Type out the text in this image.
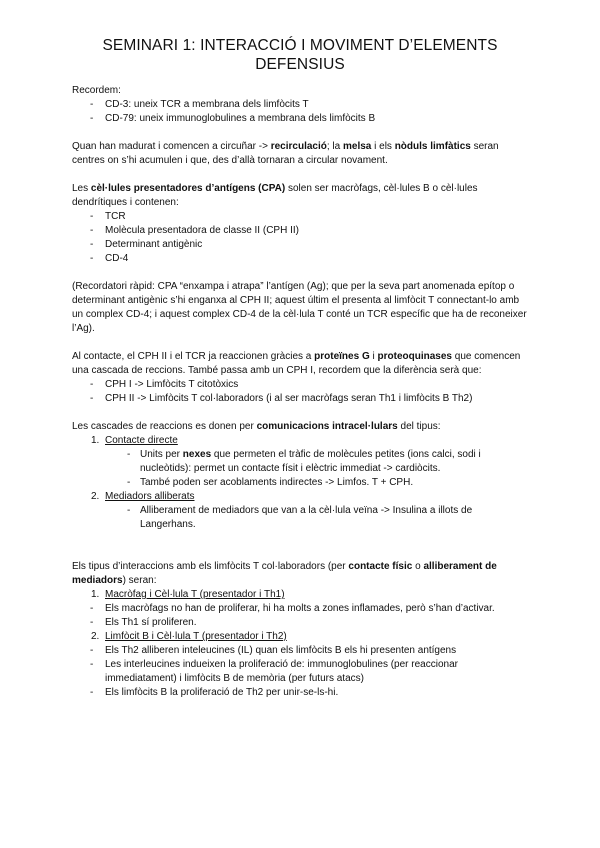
SEMINARI 1: INTERACCIÓ I MOVIMENT D’ELEMENTS
DEFENSIUS

Recordem:

- CD-3: uneix TCR a membrana dels limfòcits T
- CD-79: uneix immunoglobulines a membrana dels limfòcits B

Quan han madurat i comencen a circuñar -> recirculació; la melsa i els nòduls limfàtics seran centres on s’hi acumulen i que, des d’allà tornaran a circular novament.

Les cèl·lules presentadores d’antígens (CPA) solen ser macròfags, cèl·lules B o cèl·lules dendrítiques i contenen:

- TCR
- Molècula presentadora de classe II (CPH II)
- Determinant antigènic
- CD-4

(Recordatori ràpid: CPA “enxampa i atrapa” l’antígen (Ag); que per la seva part anomenada epítop o determinant antigènic s’hi enganxa al CPH II; aquest últim el presenta al limfòcit T connectant-lo amb un complex CD-4; i aquest complex CD-4 de la cèl·lula T conté un TCR específic que ha de reconeixer l’Ag).

Al contacte, el CPH II i el TCR ja reaccionen gràcies a proteïnes G i proteoquinases que comencen una cascada de reccions. També passa amb un CPH I, recordem que la diferència serà que:

- CPH I -> Limfòcits T citotòxics
- CPH II -> Limfòcits T col·laboradors (i al ser macròfags seran Th1 i limfòcits B Th2)

Les cascades de reaccions es donen per comunicacions intracel·lulars del tipus:

1. Contacte directe
- Units per nexes que permeten el tràfic de molècules petites (ions calci, sodi i nucleòtids): permet un contacte físit i elèctric immediat -> cardiòcits.
- També poden ser acoblaments indirectes -> Limfos. T + CPH.
2. Mediadors alliberats
- Alliberament de mediadors que van a la cèl·lula veïna -> Insulina a illots de Langerhans.

Els tipus d’interaccions amb els limfòcits T col·laboradors (per contacte físic o alliberament de mediadors) seran:

1. Macròfag i Cèl·lula T (presentador i Th1)
- Els macròfags no han de proliferar, hi ha molts a zones inflamades, però s’han d’activar.
- Els Th1 sí proliferen.
2. Limfòcit B i Cèl·lula T (presentador i Th2)
- Els Th2 alliberen inteleucines (IL) quan els limfòcits B els hi presenten antígens
- Les interleucines indueixen la proliferació de: immunoglobulines (per reaccionar immediatament) i limfòcits B de memòria (per futurs atacs)
- Els limfòcits B la proliferació de Th2 per unir-se-ls-hi.
